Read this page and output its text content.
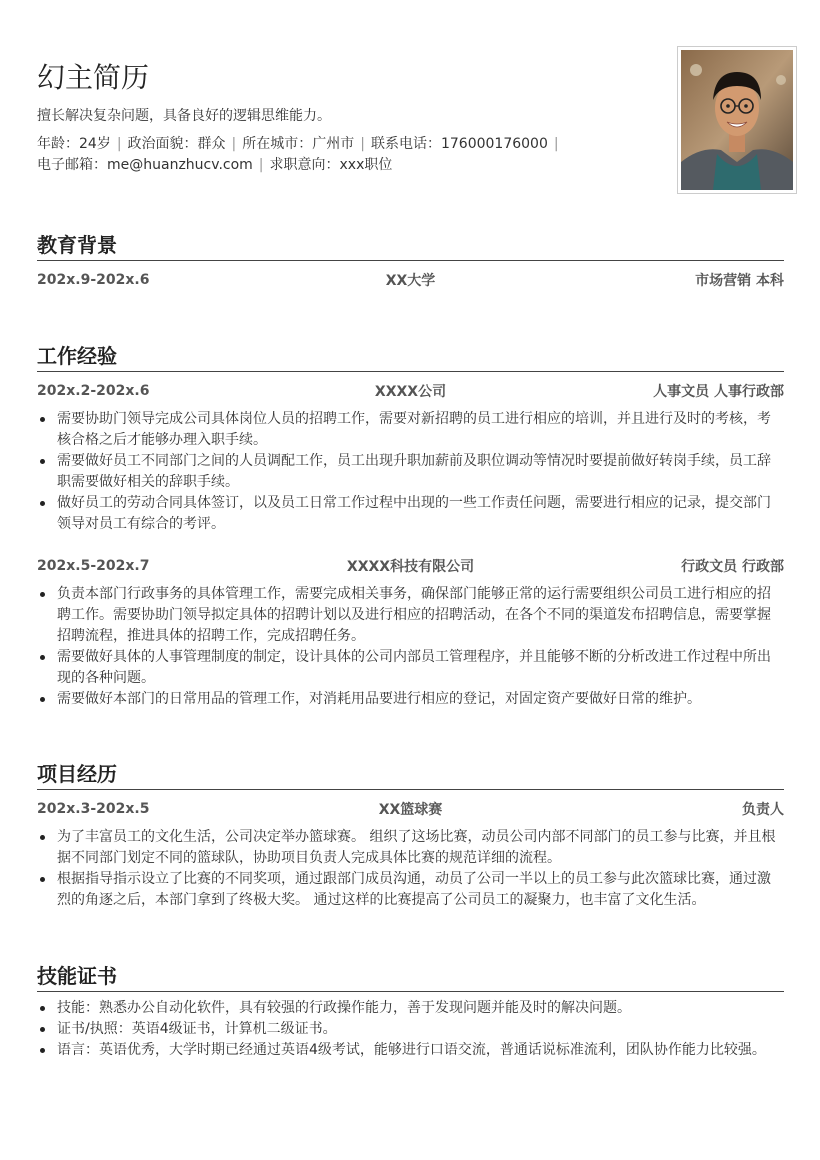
幻主简历
擅长解决复杂问题，具备良好的逻辑思维能力。
年龄：24岁 | 政治面貌：群众 | 所在城市：广州市 | 联系电话：176000176000 |
电子邮箱：me@huanzhucv.com | 求职意向：xxx职位
教育背景
202x.9-202x.6	XX大学	市场营销 本科
工作经验
202x.2-202x.6	XXXX公司	人事文员 人事行政部
需要协助门领导完成公司具体岗位人员的招聘工作，需要对新招聘的员工进行相应的培训，并且进行及时的考核，考核合格之后才能够办理入职手续。
需要做好员工不同部门之间的人员调配工作，员工出现升职加薪前及职位调动等情况时要提前做好转岗手续，员工辞职需要做好相关的辞职手续。
做好员工的劳动合同具体签订，以及员工日常工作过程中出现的一些工作责任问题，需要进行相应的记录，提交部门领导对员工有综合的考评。
202x.5-202x.7	XXXX科技有限公司	行政文员 行政部
负责本部门行政事务的具体管理工作，需要完成相关事务，确保部门能够正常的运行需要组织公司员工进行相应的招聘工作。需要协助门领导拟定具体的招聘计划以及进行相应的招聘活动，在各个不同的渠道发布招聘信息，需要掌握招聘流程，推进具体的招聘工作，完成招聘任务。
需要做好具体的人事管理制度的制定，设计具体的公司内部员工管理程序，并且能够不断的分析改进工作过程中所出现的各种问题。
需要做好本部门的日常用品的管理工作，对消耗用品要进行相应的登记，对固定资产要做好日常的维护。
项目经历
202x.3-202x.5	XX篮球赛	负责人
为了丰富员工的文化生活，公司决定举办篮球赛。 组织了这场比赛，动员公司内部不同部门的员工参与比赛，并且根据不同部门划定不同的篮球队，协助项目负责人完成具体比赛的规范详细的流程。
根据指导指示设立了比赛的不同奖项，通过跟部门成员沟通，动员了公司一半以上的员工参与此次篮球比赛，通过激烈的角逐之后，本部门拿到了终极大奖。 通过这样的比赛提高了公司员工的凝聚力，也丰富了文化生活。
技能证书
技能：熟悉办公自动化软件，具有较强的行政操作能力，善于发现问题并能及时的解决问题。
证书/执照：英语4级证书，计算机二级证书。
语言：英语优秀，大学时期已经通过英语4级考试，能够进行口语交流，普通话说标准流利，团队协作能力比较强。
